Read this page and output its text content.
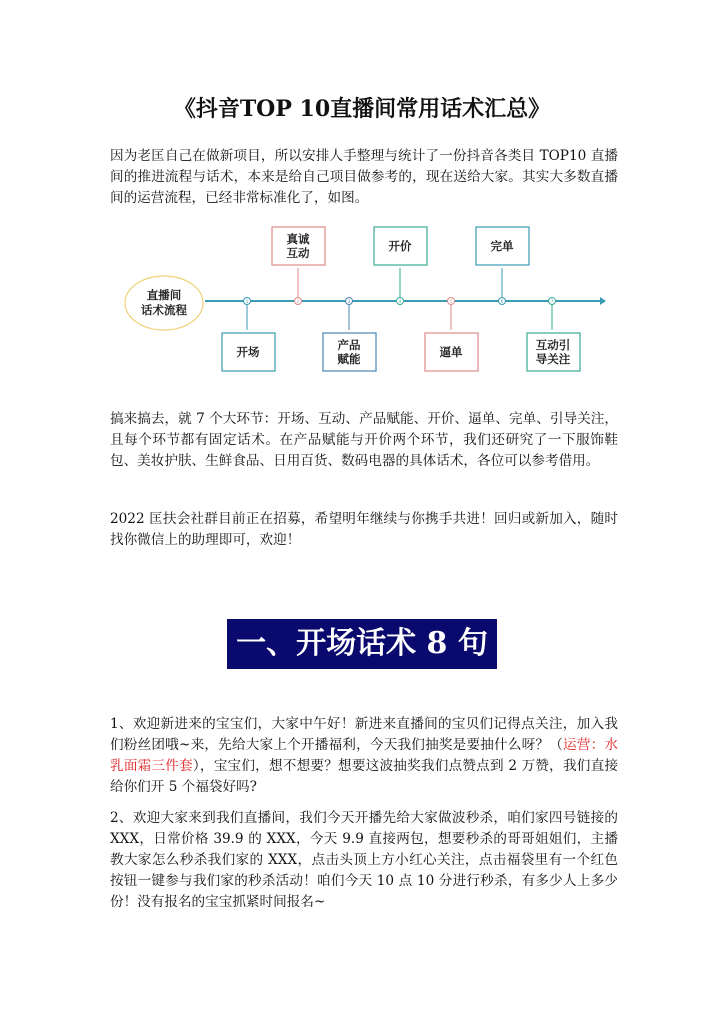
《抖音TOP 10直播间常用话术汇总》

因为老匡自己在做新项目，所以安排人手整理与统计了一份抖音各类目 TOP10 直播间的推进流程与话术，本来是给自己项目做参考的，现在送给大家。其实大多数直播间的运营流程，已经非常标准化了，如图。

直播间
话术流程
开场
1
真诚
互动
2
产品
赋能
3
开价
4
逼单
5
完单
6
互动引
导关注
7

搞来搞去，就 7 个大环节：开场、互动、产品赋能、开价、逼单、完单、引导关注，且每个环节都有固定话术。在产品赋能与开价两个环节，我们还研究了一下服饰鞋包、美妆护肤、生鲜食品、日用百货、数码电器的具体话术，各位可以参考借用。

2022 匡扶会社群目前正在招募，希望明年继续与你携手共进！回归或新加入，随时找你微信上的助理即可，欢迎！

一、开场话术 8 句

1、欢迎新进来的宝宝们，大家中午好！新进来直播间的宝贝们记得点关注，加入我们粉丝团哦~来，先给大家上个开播福利，今天我们抽奖是要抽什么呀？（运营：水乳面霜三件套），宝宝们，想不想要？想要这波抽奖我们点赞点到 2 万赞，我们直接给你们开 5 个福袋好吗?

2、欢迎大家来到我们直播间，我们今天开播先给大家做波秒杀，咱们家四号链接的 XXX，日常价格 39.9 的 XXX，今天 9.9 直接两包，想要秒杀的哥哥姐姐们，主播教大家怎么秒杀我们家的 XXX，点击头顶上方小红心关注，点击福袋里有一个红色按钮一键参与我们家的秒杀活动！咱们今天 10 点 10 分进行秒杀，有多少人上多少份！没有报名的宝宝抓紧时间报名~
